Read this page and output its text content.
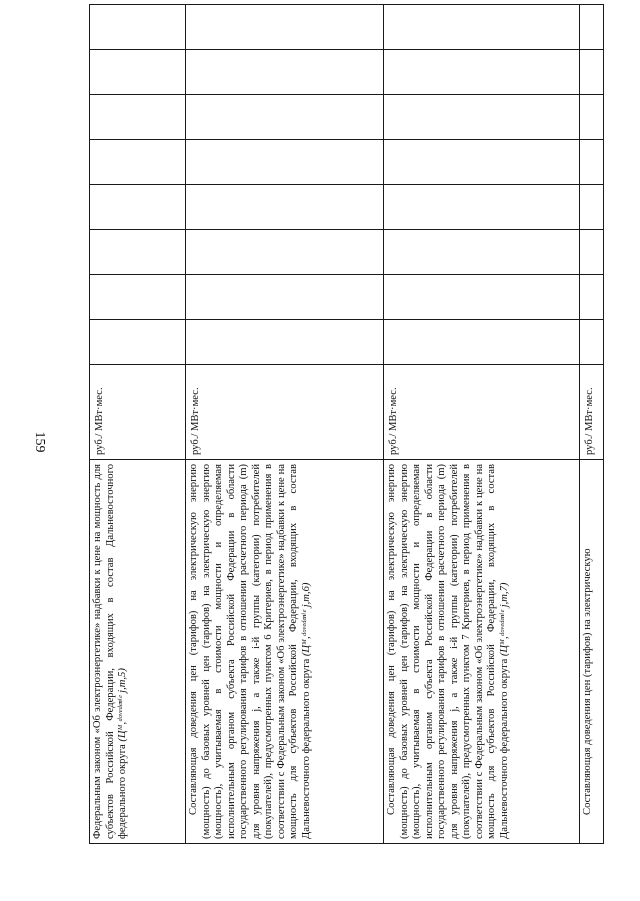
159
Федеральным законом «Об электроэнергетике» надбавки к цене на мощность для субъектов Российской Федерации, входящих в состав Дальневосточного федерального округа (Цᴹ,ᵈᵒᵛᵉᵈᵉⁿⁱᵉ j,m,5)	руб./ МВт·мес.								
Составляющая доведения цен (тарифов) на электрическую энергию (мощность) до базовых уровней цен (тарифов) на электрическую энергию (мощность), учитываемая в стоимости мощности и определяемая исполнительным органом субъекта Российской Федерации в области государственного регулирования тарифов в отношении расчетного периода (m) для уровня напряжения j, а также i-й группы (категории) потребителей (покупателей), предусмотренных пунктом 6 Критериев, в период применения в соответствии с Федеральным законом «Об электроэнергетике» надбавки к цене на мощность для субъектов Российской Федерации, входящих в состав Дальневосточного федерального округа (Цᴹ,ᵈᵒᵛᵉᵈᵉⁿⁱᵉ j,m,6)	руб./ МВт·мес.								
Составляющая доведения цен (тарифов) на электрическую энергию (мощность) до базовых уровней цен (тарифов) на электрическую энергию (мощность), учитываемая в стоимости мощности и определяемая исполнительным органом субъекта Российской Федерации в области государственного регулирования тарифов в отношении расчетного периода (m) для уровня напряжения j, а также i-й группы (категории) потребителей (покупателей), предусмотренных пунктом 7 Критериев, в период применения в соответствии с Федеральным законом «Об электроэнергетике» надбавки к цене на мощность для субъектов Российской Федерации, входящих в состав Дальневосточного федерального округа (Цᴹ,ᵈᵒᵛᵉᵈᵉⁿⁱᵉ j,m,7)	руб./ МВт·мес.								
Составляющая доведения цен (тарифов) на электрическую	руб./ МВт·мес.								
